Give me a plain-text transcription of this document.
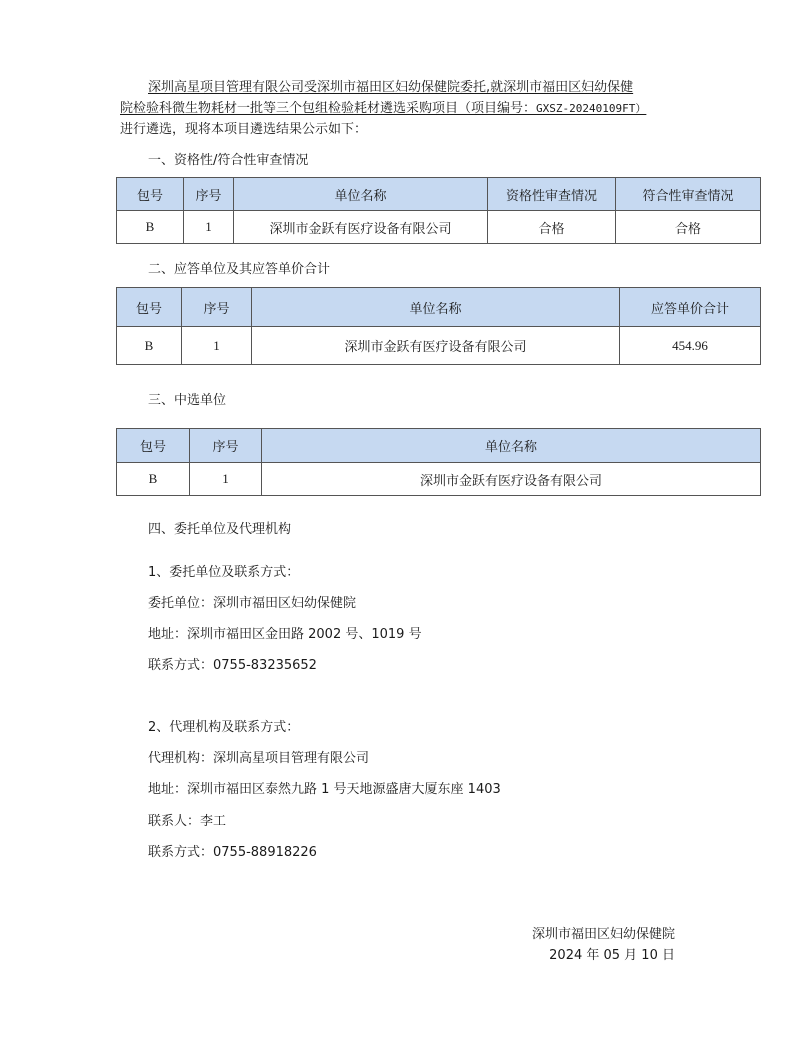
深圳高星项目管理有限公司受深圳市福田区妇幼保健院委托,就深圳市福田区妇幼保健
院检验科微生物耗材一批等三个包组检验耗材遴选采购项目（项目编号：GXSZ-20240109FT）
进行遴选，现将本项目遴选结果公示如下：
一、资格性/符合性审查情况
包号	序号	单位名称	资格性审查情况	符合性审查情况
B	1	深圳市金跃有医疗设备有限公司	合格	合格
二、应答单位及其应答单价合计
包号	序号	单位名称	应答单价合计
B	1	深圳市金跃有医疗设备有限公司	454.96
三、中选单位
包号	序号	单位名称
B	1	深圳市金跃有医疗设备有限公司
四、委托单位及代理机构
1、委托单位及联系方式：
委托单位：深圳市福田区妇幼保健院
地址：深圳市福田区金田路 2002 号、1019 号
联系方式：0755-83235652
2、代理机构及联系方式：
代理机构：深圳高星项目管理有限公司
地址：深圳市福田区泰然九路 1 号天地源盛唐大厦东座 1403
联系人：李工
联系方式：0755-88918226
深圳市福田区妇幼保健院
2024 年 05 月 10 日
